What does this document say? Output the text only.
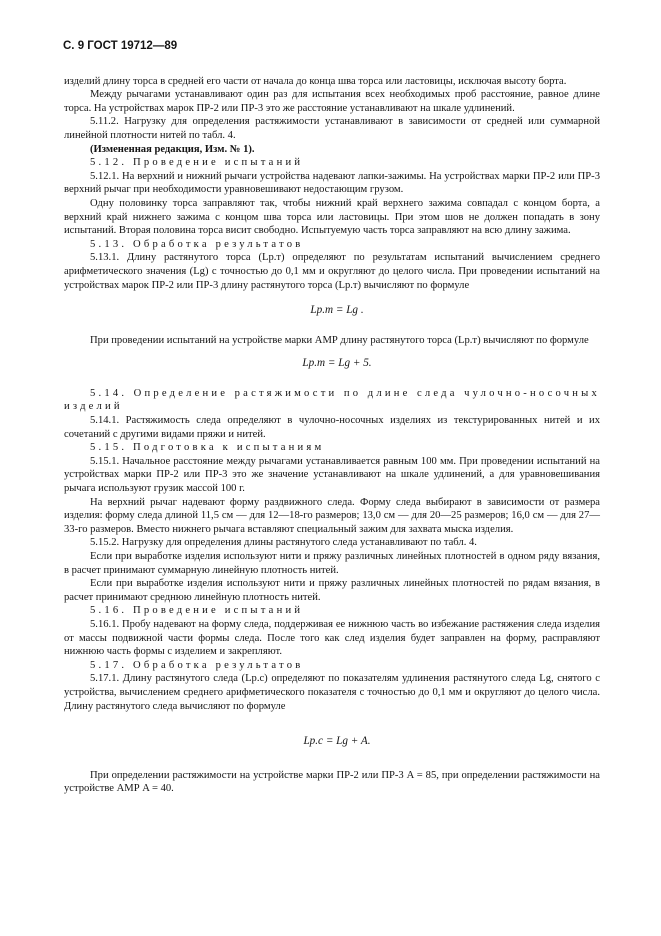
С. 9 ГОСТ 19712—89

изделий длину торса в средней его части от начала до конца шва торса или ластовицы, исключая высоту борта.

Между рычагами устанавливают один раз для испытания всех необходимых проб расстояние, равное длине торса. На устройствах марок ПР-2 или ПР-3 это же расстояние устанавливают на шкале удлинений.

5.11.2. Нагрузку для определения растяжимости устанавливают в зависимости от средней или суммарной линейной плотности нитей по табл. 4.

(Измененная редакция, Изм. № 1).

5.12. Проведение испытаний

5.12.1. На верхний и нижний рычаги устройства надевают лапки-зажимы. На устройствах марки ПР-2 или ПР-3 верхний рычаг при необходимости уравновешивают недостающим грузом.

Одну половинку торса заправляют так, чтобы нижний край верхнего зажима совпадал с концом борта, а верхний край нижнего зажима с концом шва торса или ластовицы. При этом шов не должен попадать в зону испытаний. Вторая половина торса висит свободно. Испытуемую часть торса заправляют на всю длину зажима.

5.13. Обработка результатов

5.13.1. Длину растянутого торса (Lр.т) определяют по результатам испытаний вычислением среднего арифметического значения (Lg) с точностью до 0,1 мм и округляют до целого числа. При проведении испытаний на устройствах марок ПР-2 или ПР-3 длину растянутого торса (Lр.т) вычисляют по формуле

Lр.т = Lg .

При проведении испытаний на устройстве марки АМР длину растянутого торса (Lр.т) вычисляют по формуле

Lр.т = Lg + 5.

5.14. Определение растяжимости по длине следа чулочно-носочных изделий

5.14.1. Растяжимость следа определяют в чулочно-носочных изделиях из текстурированных нитей и их сочетаний с другими видами пряжи и нитей.

5.15. Подготовка к испытаниям

5.15.1. Начальное расстояние между рычагами устанавливается равным 100 мм. При проведении испытаний на устройствах марки ПР-2 или ПР-3 это же значение устанавливают на шкале удлинений, а для уравновешивания рычага используют грузик массой 100 г.

На верхний рычаг надевают форму раздвижного следа. Форму следа выбирают в зависимости от размера изделия: форму следа длиной 11,5 см — для 12—18-го размеров; 13,0 см — для 20—25 размеров; 16,0 см — для 27—33-го размеров. Вместо нижнего рычага вставляют специальный зажим для захвата мыска изделия.

5.15.2. Нагрузку для определения длины растянутого следа устанавливают по табл. 4.

Если при выработке изделия используют нити и пряжу различных линейных плотностей в одном ряду вязания, в расчет принимают суммарную линейную плотность нитей.

Если при выработке изделия используют нити и пряжу различных линейных плотностей по рядам вязания, в расчет принимают среднюю линейную плотность нитей.

5.16. Проведение испытаний

5.16.1. Пробу надевают на форму следа, поддерживая ее нижнюю часть во избежание растяжения следа изделия от массы подвижной части формы следа. После того как след изделия будет заправлен на форму, расправляют нижнюю часть формы с изделием и закрепляют.

5.17. Обработка результатов

5.17.1. Длину растянутого следа (Lр.с) определяют по показателям удлинения растянутого следа Lg, снятого с устройства, вычислением среднего арифметического показателя с точностью до 0,1 мм и округляют до целого числа. Длину растянутого следа вычисляют по формуле

Lр.с = Lg + A.

При определении растяжимости на устройстве марки ПР-2 или ПР-3 A = 85, при определении растяжимости на устройстве АМР A = 40.
